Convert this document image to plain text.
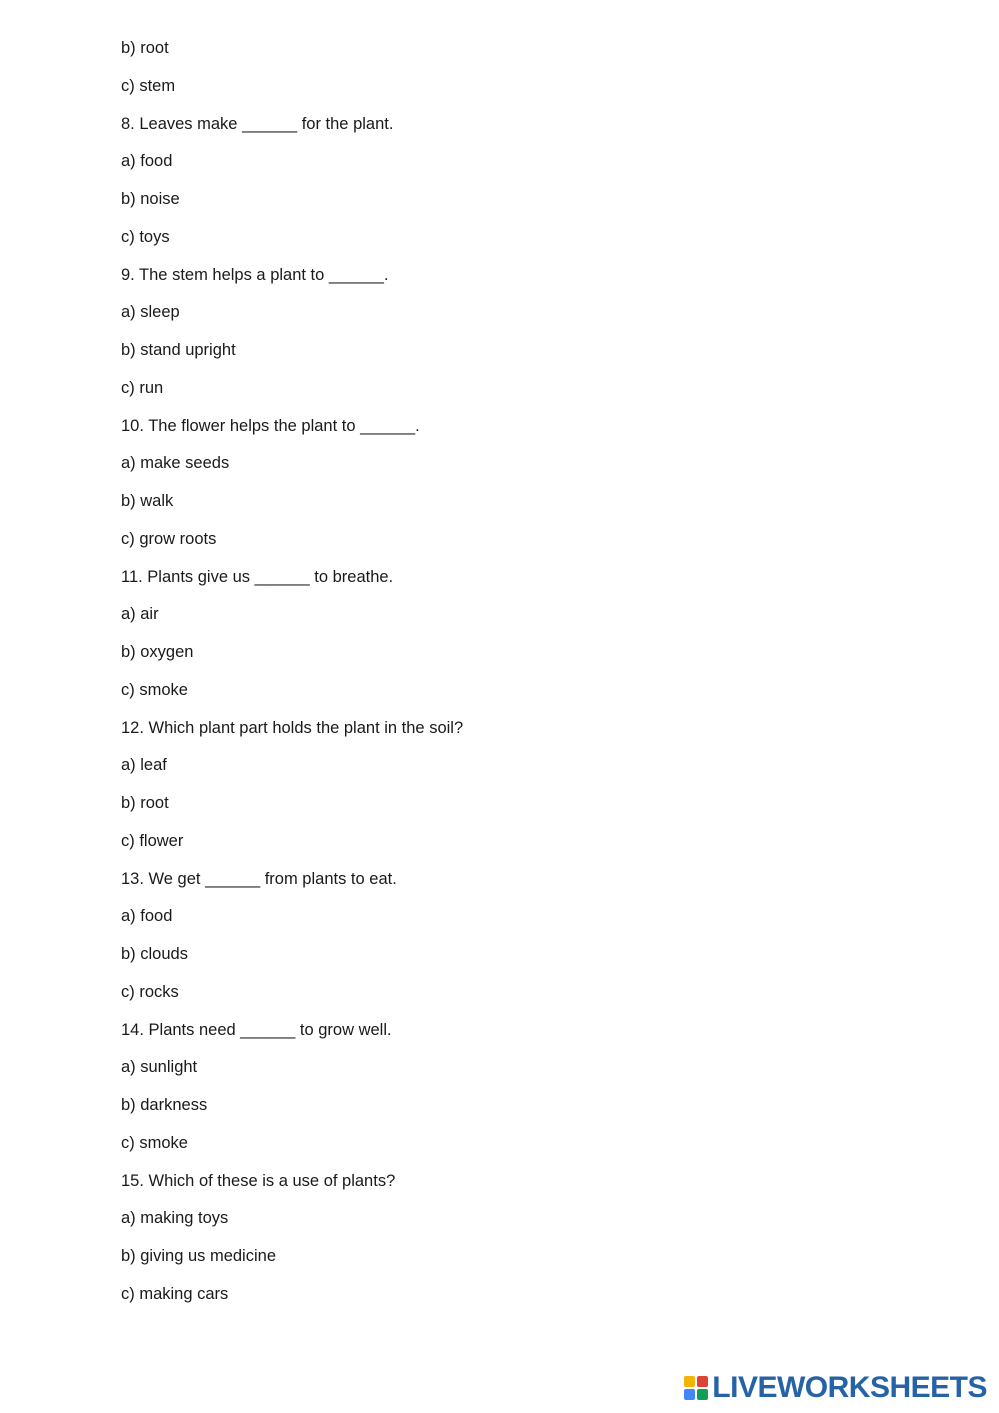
b) root
c) stem
8. Leaves make ______ for the plant.
a) food
b) noise
c) toys
9. The stem helps a plant to ______.
a) sleep
b) stand upright
c) run
10. The flower helps the plant to ______.
a) make seeds
b) walk
c) grow roots
11. Plants give us ______ to breathe.
a) air
b) oxygen
c) smoke
12. Which plant part holds the plant in the soil?
a) leaf
b) root
c) flower
13. We get ______ from plants to eat.
a) food
b) clouds
c) rocks
14. Plants need ______ to grow well.
a) sunlight
b) darkness
c) smoke
15. Which of these is a use of plants?
a) making toys
b) giving us medicine
c) making cars
LIVEWORKSHEETS
